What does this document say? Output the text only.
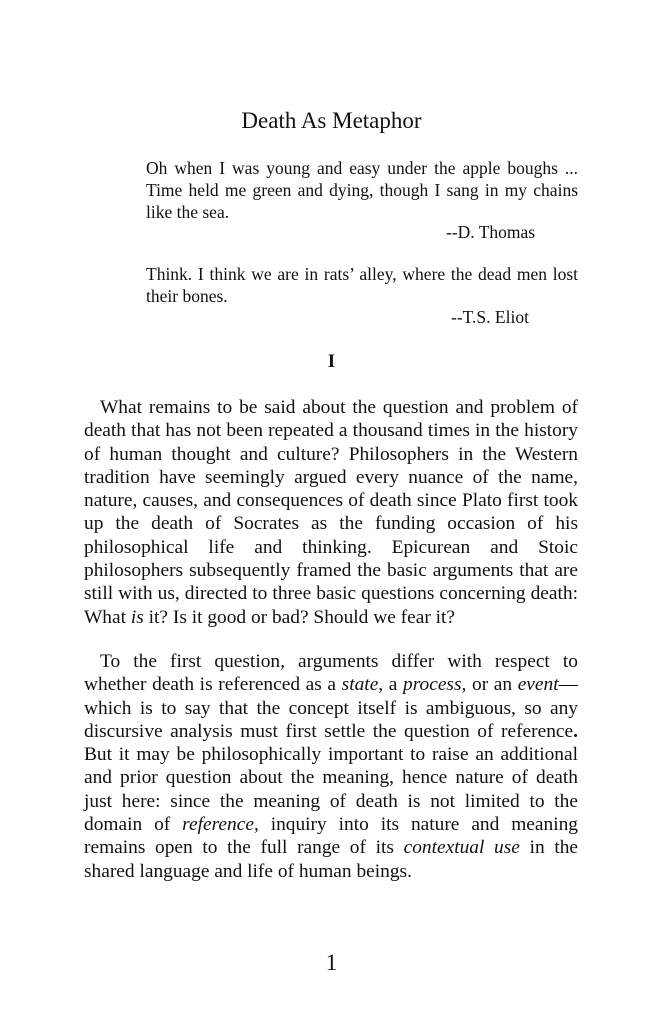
Death As Metaphor
Oh when I was young and easy under the apple boughs ... Time held me green and dying, though I sang in my chains like the sea.
--D. Thomas
Think. I think we are in rats’ alley, where the dead men lost their bones.
--T.S. Eliot
I
What remains to be said about the question and problem of death that has not been repeated a thousand times in the history of human thought and culture? Philosophers in the Western tradition have seemingly argued every nuance of the name, nature, causes, and consequences of death since Plato first took up the death of Socrates as the funding occasion of his philosophical life and thinking. Epicurean and Stoic philosophers subsequently framed the basic arguments that are still with us, directed to three basic questions concerning death: What is it? Is it good or bad? Should we fear it?
To the first question, arguments differ with respect to whether death is referenced as a state, a process, or an event—which is to say that the concept itself is ambiguous, so any discursive analysis must first settle the question of reference. But it may be philosophically important to raise an additional and prior question about the meaning, hence nature of death just here: since the meaning of death is not limited to the domain of reference, inquiry into its nature and meaning remains open to the full range of its contextual use in the shared language and life of human beings.
1
